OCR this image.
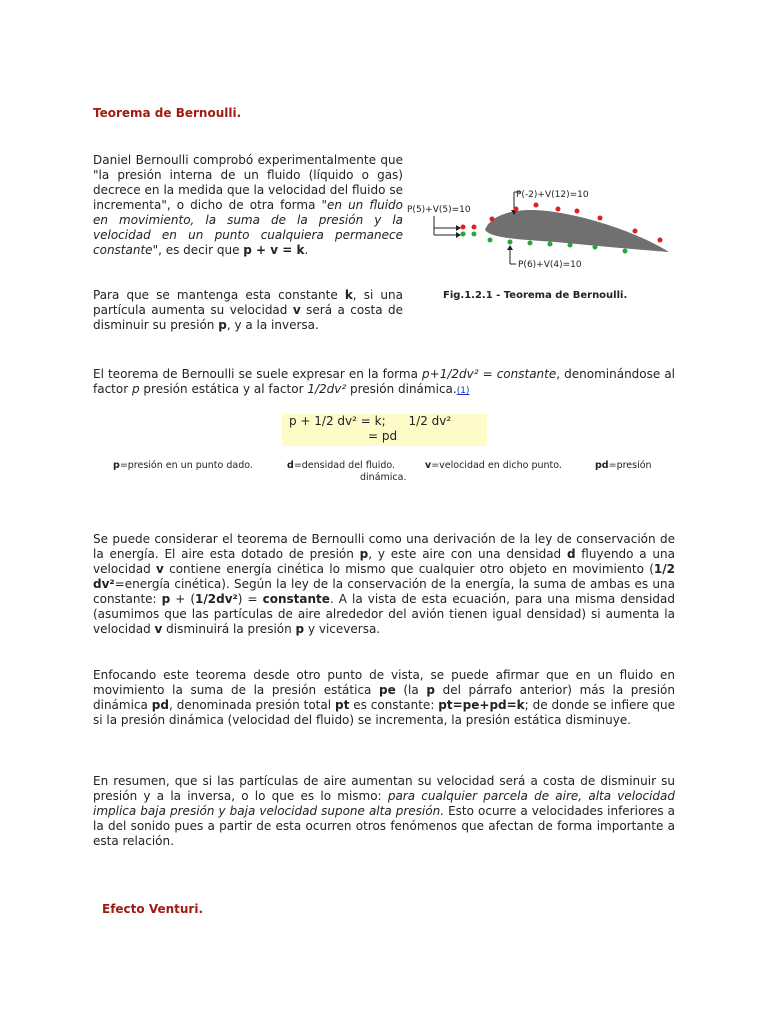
Teorema de Bernoulli.
Daniel Bernoulli comprobó experimentalmente que "la presión interna de un fluido (líquido o gas) decrece en la medida que la velocidad del fluido se incrementa", o dicho de otra forma "en un fluido en movimiento, la suma de la presión y la velocidad en un punto cualquiera permanece constante", es decir que p + v = k.
Para que se mantenga esta constante k, si una partícula aumenta su velocidad v será a costa de disminuir su presión p, y a la inversa.
P(-2)+V(12)=10
P(5)+V(5)=10
P(6)+V(4)=10
Fig.1.2.1 - Teorema de Bernoulli.
El teorema de Bernoulli se suele expresar en la forma p+1/2dv² = constante, denominándose al factor p presión estática y al factor 1/2dv² presión dinámica.(1)
p + 1/2 dv² = k;      1/2 dv²
= pd
p=presión en un punto dado.	d=densidad del fluido.	v=velocidad en dicho punto.	pd=presión
dinámica.
Se puede considerar el teorema de Bernoulli como una derivación de la ley de conservación de la energía. El aire esta dotado de presión p, y este aire con una densidad d fluyendo a una velocidad v contiene energía cinética lo mismo que cualquier otro objeto en movimiento (1/2 dv²=energía cinética). Según la ley de la conservación de la energía, la suma de ambas es una constante: p + (1/2dv²) = constante. A la vista de esta ecuación, para una misma densidad (asumimos que las partículas de aire alrededor del avión tienen igual densidad) si aumenta la velocidad v disminuirá la presión p y viceversa.
Enfocando este teorema desde otro punto de vista, se puede afirmar que en un fluido en movimiento la suma de la presión estática pe (la p del párrafo anterior) más la presión dinámica pd, denominada presión total pt es constante: pt=pe+pd=k; de donde se infiere que si la presión dinámica (velocidad del fluido) se incrementa, la presión estática disminuye.
En resumen, que si las partículas de aire aumentan su velocidad será a costa de disminuir su presión y a la inversa, o lo que es lo mismo: para cualquier parcela de aire, alta velocidad implica baja presión y baja velocidad supone alta presión. Esto ocurre a velocidades inferiores a la del sonido pues a partir de esta ocurren otros fenómenos que afectan de forma importante a esta relación.
Efecto Venturi.
